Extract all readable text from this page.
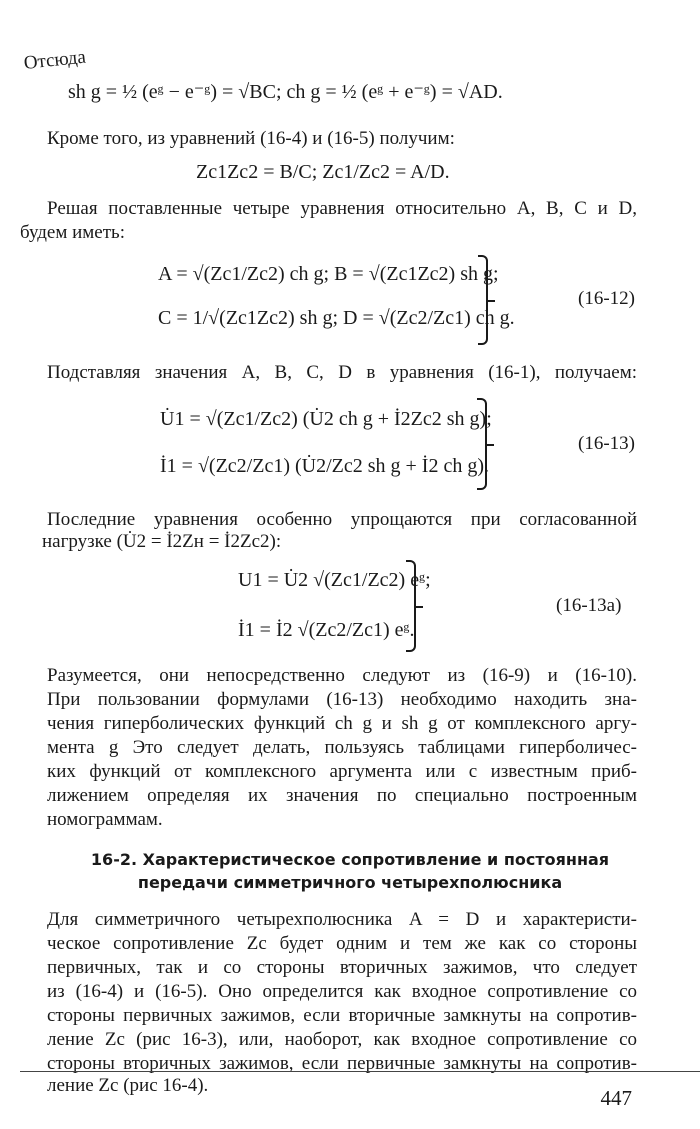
Отсюда
sh g = ½ (eᵍ − e⁻ᵍ) = √BC; ch g = ½ (eᵍ + e⁻ᵍ) = √AD.
Кроме того, из уравнений (16-4) и (16-5) получим:
Zc1Zc2 = B/C; Zc1/Zc2 = A/D.
Решая поставленные четыре уравнения относительно A, B, C и D,
будем иметь:
A = √(Zc1/Zc2) ch g; B = √(Zc1Zc2) sh g;
C = 1/√(Zc1Zc2) sh g; D = √(Zc2/Zc1) ch g.
(16-12)
Подставляя значения A, B, C, D в уравнения (16-1), получаем:
U̇1 = √(Zc1/Zc2) (U̇2 ch g + İ2Zc2 sh g);
İ1 = √(Zc2/Zc1) (U̇2/Zc2 sh g + İ2 ch g).
(16-13)
Последние уравнения особенно упрощаются при согласованной
нагрузке (U̇2 = İ2Zн = İ2Zc2):
U1 = U̇2 √(Zc1/Zc2) eᵍ;
İ1 = İ2 √(Zc2/Zc1) eᵍ.
(16-13а)
Разумеется, они непосредственно следуют из (16-9) и (16-10).
При пользовании формулами (16-13) необходимо находить зна-
чения гиперболических функций ch g и sh g от комплексного аргу-
мента g Это следует делать, пользуясь таблицами гиперболичес-
ких функций от комплексного аргумента или с известным приб-
лижением определяя их значения по специально построенным
номограммам.
16-2. Характеристическое сопротивление и постоянная
передачи симметричного четырехполюсника
Для симметричного четырехполюсника A = D и характеристи-
ческое сопротивление Zc будет одним и тем же как со стороны
первичных, так и со стороны вторичных зажимов, что следует
из (16-4) и (16-5). Оно определится как входное сопротивление со
стороны первичных зажимов, если вторичные замкнуты на сопротив-
ление Zc (рис 16-3), или, наоборот, как входное сопротивление со
стороны вторичных зажимов, если первичные замкнуты на сопротив-
ление Zc (рис 16-4).
447
